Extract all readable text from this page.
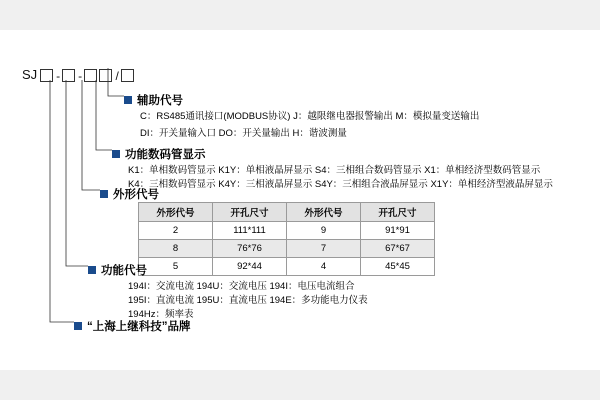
SJ - -	/
辅助代号
C：RS485通讯接口(MODBUS协议) J：越限继电器报警输出 M：模拟量变送输出
DI：开关量输入口 DO：开关量输出 H：谐波测量
功能数码管显示
K1：单相数码管显示 K1Y：单相液晶屏显示 S4：三相组合数码管显示 X1：单相经济型数码管显示
K4：三相数码管显示 K4Y：三相液晶屏显示 S4Y：三相组合液晶屏显示 X1Y：单相经济型液晶屏显示
外形代号
外形代号	开孔尺寸	外形代号	开孔尺寸
2	111*111	9	91*91
8	76*76	7	67*67
5	92*44	4	45*45
功能代号
194I：交流电流 194U：交流电压 194I：电压电流组合
195I：直流电流 195U：直流电压 194E：多功能电力仪表
194Hz：频率表
“上海上继科技”品牌
